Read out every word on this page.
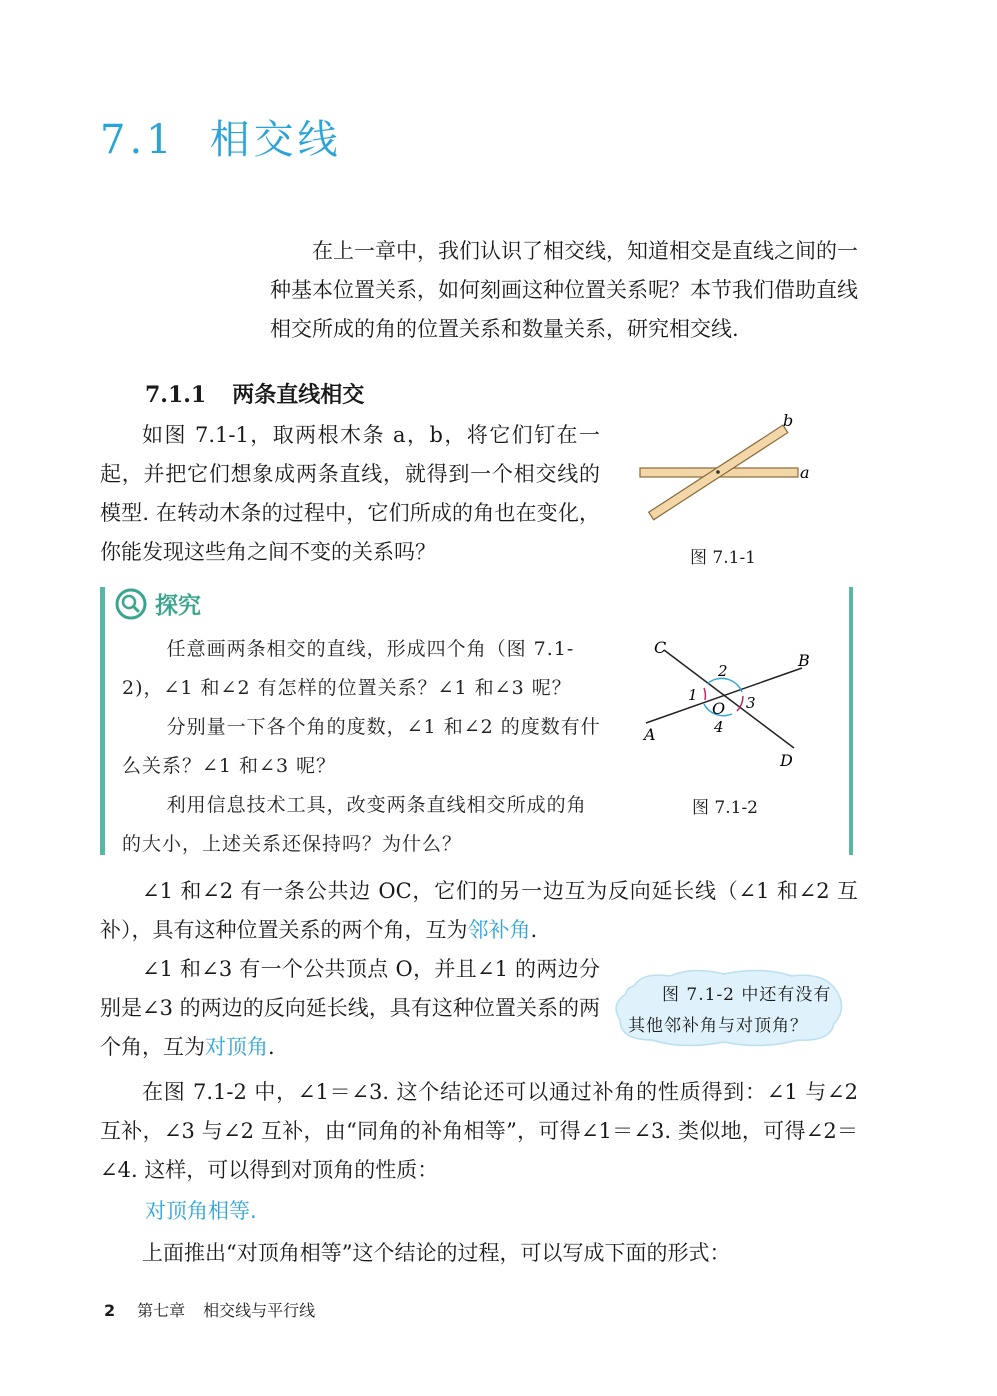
7.1 相交线
在上一章中，我们认识了相交线，知道相交是直线之间的一种基本位置关系，如何刻画这种位置关系呢？本节我们借助直线相交所成的角的位置关系和数量关系，研究相交线.
7.1.1 两条直线相交
如图 7.1-1，取两根木条 a，b，将它们钉在一起，并把它们想象成两条直线，就得到一个相交线的模型. 在转动木条的过程中，它们所成的角也在变化，你能发现这些角之间不变的关系吗？
a
b
图 7.1-1
探究

任意画两条相交的直线，形成四个角（图 7.1-2)，∠1 和∠2 有怎样的位置关系？∠1 和∠3 呢？

分别量一下各个角的度数，∠1 和∠2 的度数有什么关系？∠1 和∠3 呢？

利用信息技术工具，改变两条直线相交所成的角的大小，上述关系还保持吗？为什么？

C
B
A
D
O
1
2
3
4
图 7.1-2
∠1 和∠2 有一条公共边 OC，它们的另一边互为反向延长线（∠1 和∠2 互补），具有这种位置关系的两个角，互为邻补角.
∠1 和∠3 有一个公共顶点 O，并且∠1 的两边分别是∠3 的两边的反向延长线，具有这种位置关系的两个角，互为对顶角.
图 7.1-2 中还有没有其他邻补角与对顶角？
在图 7.1-2 中，∠1＝∠3. 这个结论还可以通过补角的性质得到：∠1 与∠2 互补，∠3 与∠2 互补，由“同角的补角相等”，可得∠1＝∠3. 类似地，可得∠2＝∠4. 这样，可以得到对顶角的性质：
对顶角相等.
上面推出“对顶角相等”这个结论的过程，可以写成下面的形式：
2 第七章 相交线与平行线
